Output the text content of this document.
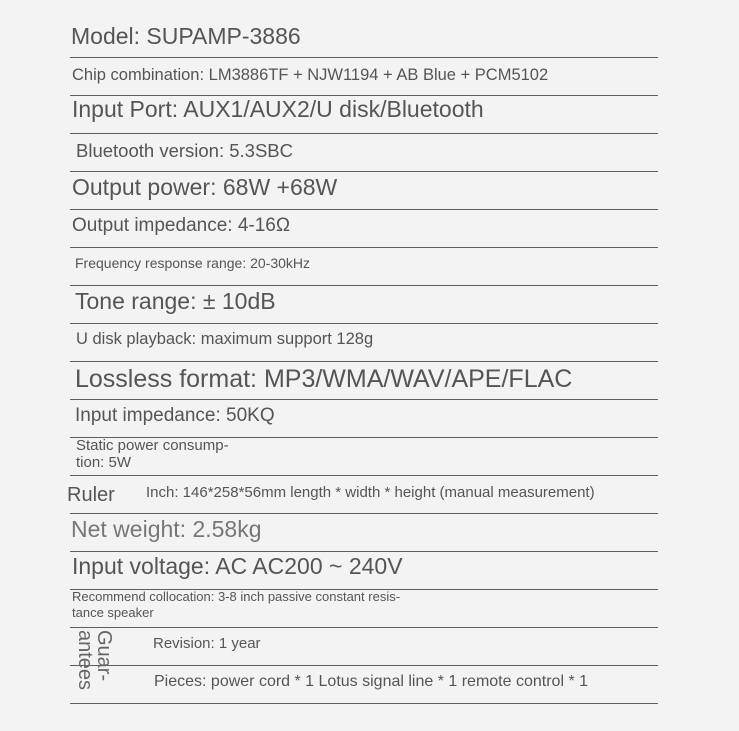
Model: SUPAMP-3886
Chip combination: LM3886TF + NJW1194 + AB Blue + PCM5102
Input Port: AUX1/AUX2/U disk/Bluetooth
Bluetooth version: 5.3SBC
Output power: 68W +68W
Output impedance: 4-16Ω
Frequency response range: 20-30kHz
Tone range: ± 10dB
U disk playback: maximum support 128g
Lossless format: MP3/WMA/WAV/APE/FLAC
Input impedance: 50KQ
Static power consump-
tion: 5W
Ruler Inch: 146*258*56mm length * width * height (manual measurement)
Net weight: 2.58kg
Input voltage: AC AC200 ~ 240V
Recommend collocation: 3-8 inch passive constant resis-
tance speaker
Guar-antees	Revision: 1 year
Pieces: power cord * 1 Lotus signal line * 1 remote control * 1
